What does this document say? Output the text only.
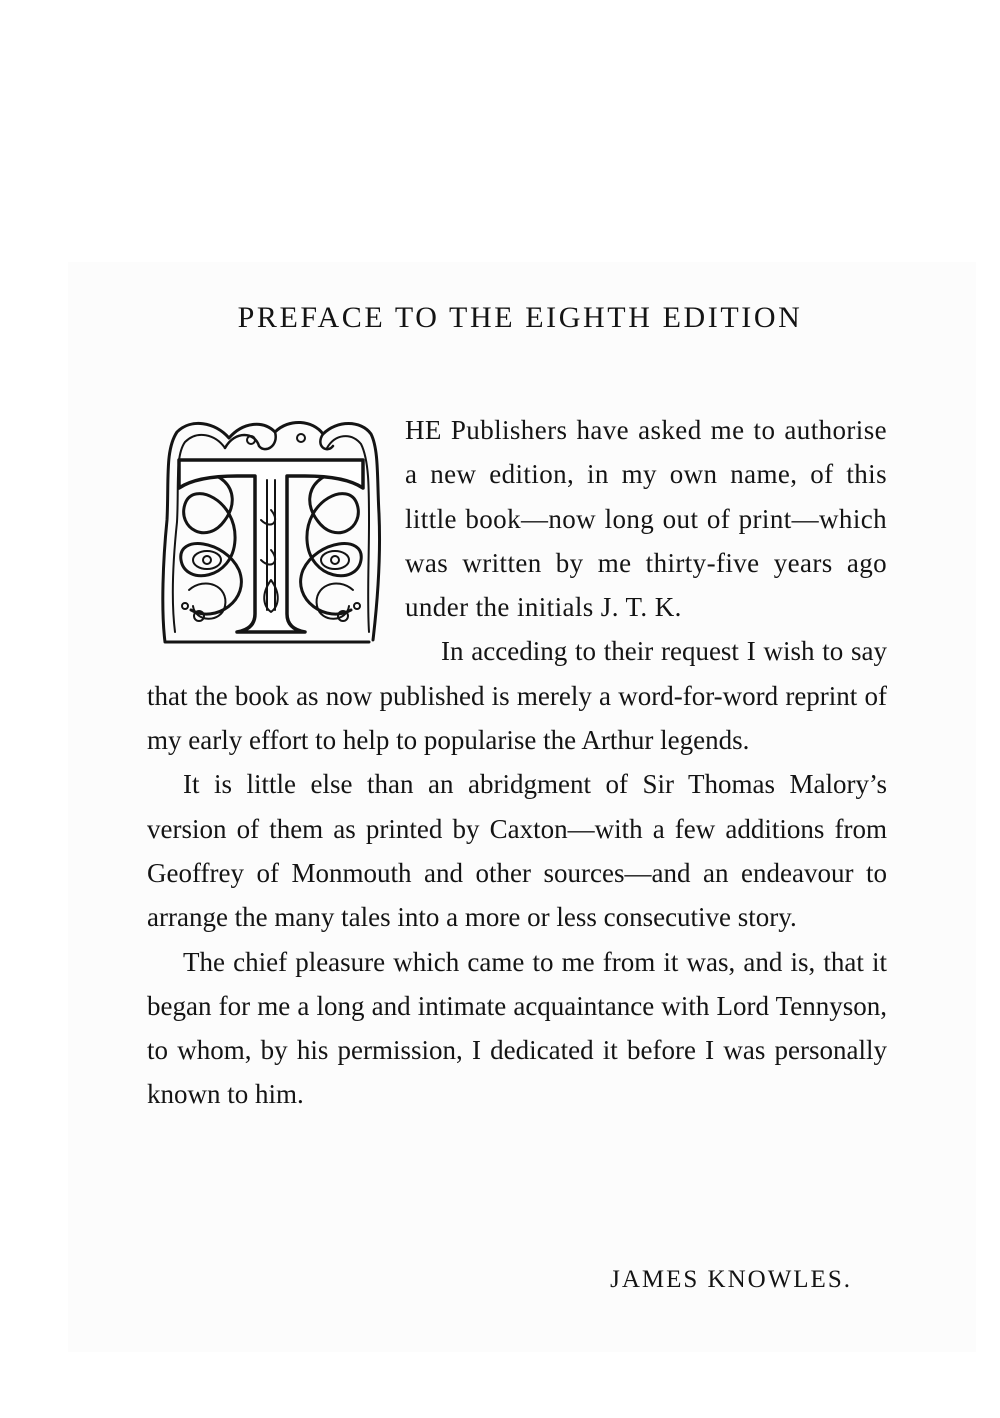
PREFACE TO THE EIGHTH EDITION

HE Publishers have asked me to authorise a new edition, in my own name, of this little book—now long out of print—which was written by me thirty-five years ago under the initials J. T. K.

In acceding to their request I wish to say that the book as now published is merely a word-for-word reprint of my early effort to help to popularise the Arthur legends.

It is little else than an abridgment of Sir Thomas Malory’s version of them as printed by Caxton—with a few additions from Geoffrey of Monmouth and other sources—and an endeavour to arrange the many tales into a more or less consecutive story.

The chief pleasure which came to me from it was, and is, that it began for me a long and intimate acquaintance with Lord Tennyson, to whom, by his permission, I dedicated it before I was personally known to him.

JAMES KNOWLES.
